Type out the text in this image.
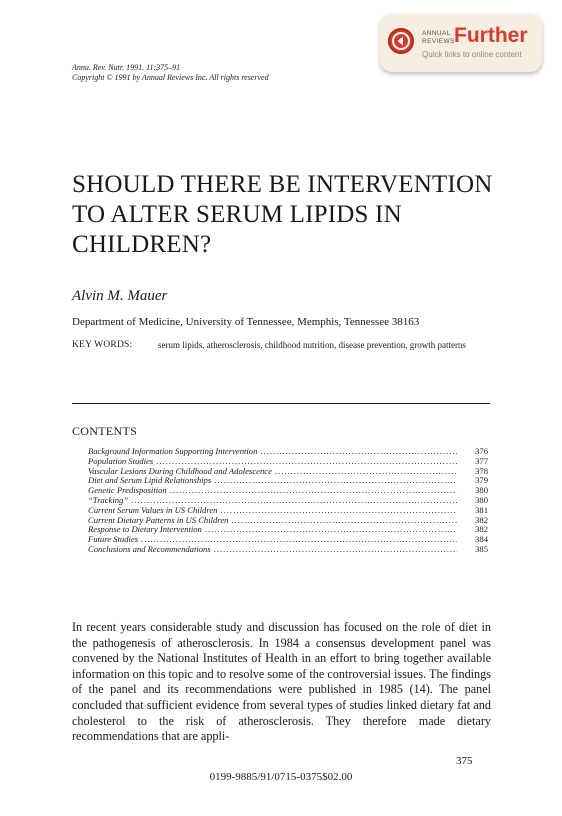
ANNUAL
REVIEWS Further
Quick links to online content
Annu. Rev. Nutr. 1991. 11:375–91
Copyright © 1991 by Annual Reviews Inc. All rights reserved
SHOULD THERE BE INTERVENTION
TO ALTER SERUM LIPIDS IN
CHILDREN?
Alvin M. Mauer
Department of Medicine, University of Tennessee, Memphis, Tennessee 38163
KEY WORDS:	serum lipids, atherosclerosis, childhood nutrition, disease prevention, growth patterns
CONTENTS
Background Information Supporting Intervention .....	376
Population Studies .....	377
Vascular Lesions During Childhood and Adolescence .....	378
Diet and Serum Lipid Relationships .....	379
Genetic Predisposition .....	380
“Tracking” .....	380
Current Serum Values in US Children .....	381
Current Dietary Patterns in US Children .....	382
Response to Dietary Intervention .....	382
Future Studies .....	384
Conclusions and Recommendations .....	385
In recent years considerable study and discussion has focused on the role of diet in the pathogenesis of atherosclerosis. In 1984 a consensus development panel was convened by the National Institutes of Health in an effort to bring together available information on this topic and to resolve some of the controversial issues. The findings of the panel and its recommendations were published in 1985 (14). The panel concluded that sufficient evidence from several types of studies linked dietary fat and cholesterol to the risk of atherosclerosis. They therefore made dietary recommendations that are appli-
375
0199-9885/91/0715-0375$02.00
